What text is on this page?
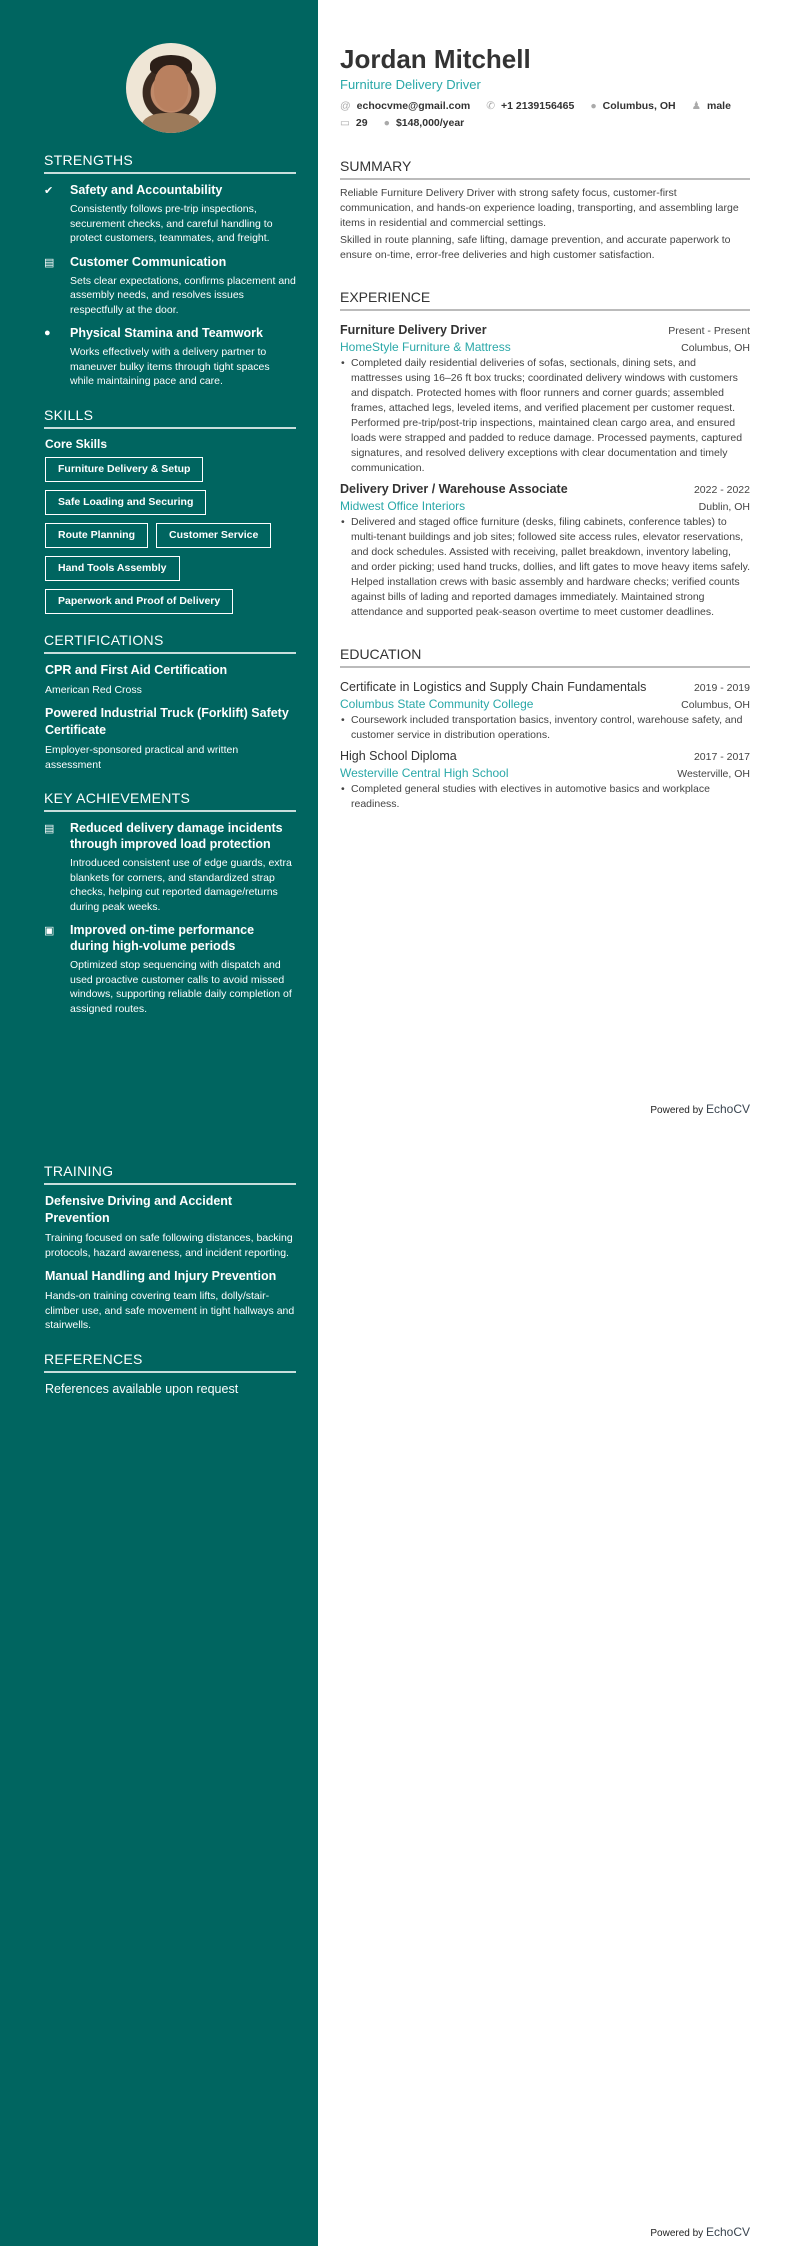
STRENGTHS
✔	Safety and Accountability
Consistently follows pre-trip inspections, securement checks, and careful handling to protect customers, teammates, and freight.
▤	Customer Communication
Sets clear expectations, confirms placement and assembly needs, and resolves issues respectfully at the door.
●	Physical Stamina and Teamwork
Works effectively with a delivery partner to maneuver bulky items through tight spaces while maintaining pace and care.
SKILLS
Core Skills
Furniture Delivery & Setup
Safe Loading and Securing
Route Planning	Customer Service
Hand Tools Assembly
Paperwork and Proof of Delivery
CERTIFICATIONS
CPR and First Aid Certification
American Red Cross
Powered Industrial Truck (Forklift) Safety Certificate
Employer-sponsored practical and written assessment
KEY ACHIEVEMENTS
▤	Reduced delivery damage incidents through improved load protection
Introduced consistent use of edge guards, extra blankets for corners, and standardized strap checks, helping cut reported damage/returns during peak weeks.
▣	Improved on-time performance during high-volume periods
Optimized stop sequencing with dispatch and used proactive customer calls to avoid missed windows, supporting reliable daily completion of assigned routes.
TRAINING
Defensive Driving and Accident Prevention
Training focused on safe following distances, backing protocols, hazard awareness, and incident reporting.
Manual Handling and Injury Prevention
Hands-on training covering team lifts, dolly/stair-climber use, and safe movement in tight hallways and stairwells.
REFERENCES
References available upon request
Jordan Mitchell
Furniture Delivery Driver
@ echocvme@gmail.com ✆ +1 2139156465 ● Columbus, OH ♟ male
▭ 29 ● $148,000/year
SUMMARY
Reliable Furniture Delivery Driver with strong safety focus, customer-first communication, and hands-on experience loading, transporting, and assembling large items in residential and commercial settings.
Skilled in route planning, safe lifting, damage prevention, and accurate paperwork to ensure on-time, error-free deliveries and high customer satisfaction.
EXPERIENCE
Furniture Delivery Driver	Present - Present
HomeStyle Furniture & Mattress	Columbus, OH
• Completed daily residential deliveries of sofas, sectionals, dining sets, and mattresses using 16–26 ft box trucks; coordinated delivery windows with customers and dispatch. Protected homes with floor runners and corner guards; assembled frames, attached legs, leveled items, and verified placement per customer request. Performed pre-trip/post-trip inspections, maintained clean cargo area, and ensured loads were strapped and padded to reduce damage. Processed payments, captured signatures, and resolved delivery exceptions with clear documentation and timely communication.
Delivery Driver / Warehouse Associate	2022 - 2022
Midwest Office Interiors	Dublin, OH
• Delivered and staged office furniture (desks, filing cabinets, conference tables) to multi-tenant buildings and job sites; followed site access rules, elevator reservations, and dock schedules. Assisted with receiving, pallet breakdown, inventory labeling, and order picking; used hand trucks, dollies, and lift gates to move heavy items safely. Helped installation crews with basic assembly and hardware checks; verified counts against bills of lading and reported damages immediately. Maintained strong attendance and supported peak-season overtime to meet customer deadlines.
EDUCATION
Certificate in Logistics and Supply Chain Fundamentals	2019 - 2019
Columbus State Community College	Columbus, OH
• Coursework included transportation basics, inventory control, warehouse safety, and customer service in distribution operations.
High School Diploma	2017 - 2017
Westerville Central High School	Westerville, OH
• Completed general studies with electives in automotive basics and workplace readiness.
Powered by EchoCV
Powered by EchoCV
